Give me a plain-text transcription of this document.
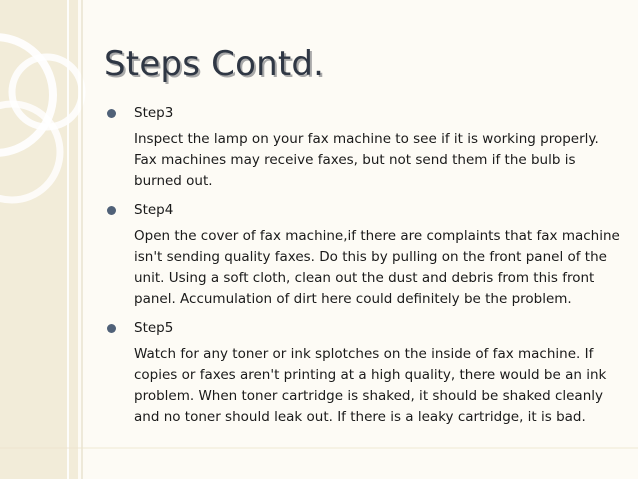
Steps Contd.
Step3
Inspect the lamp on your fax machine to see if it is working properly. Fax machines may receive faxes, but not send them if the bulb is burned out.
Step4
Open the cover of fax machine,if there are complaints that fax machine isn't sending quality faxes. Do this by pulling on the front panel of the unit. Using a soft cloth, clean out the dust and debris from this front panel. Accumulation of dirt here could definitely be the problem.
Step5
Watch for any toner or ink splotches on the inside of fax machine. If copies or faxes aren't printing at a high quality, there would be an ink problem. When toner cartridge is shaked, it should be shaked cleanly and no toner should leak out. If there is a leaky cartridge, it is bad.
